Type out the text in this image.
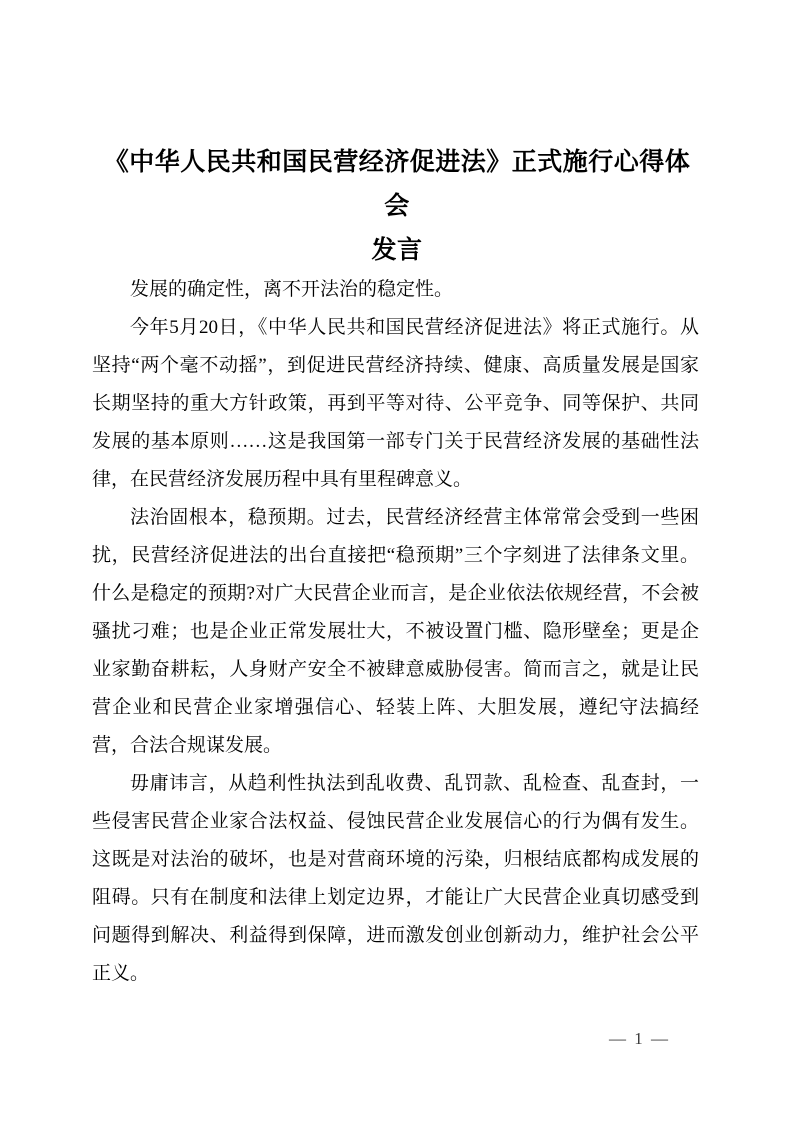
《中华人民共和国民营经济促进法》正式施行心得体会
发言
发展的确定性，离不开法治的稳定性。
今年5月20日，《中华人民共和国民营经济促进法》将正式施行。从
坚持“两个毫不动摇”，到促进民营经济持续、健康、高质量发展是国家
长期坚持的重大方针政策，再到平等对待、公平竞争、同等保护、共同
发展的基本原则……这是我国第一部专门关于民营经济发展的基础性法
律，在民营经济发展历程中具有里程碑意义。
法治固根本，稳预期。过去，民营经济经营主体常常会受到一些困
扰，民营经济促进法的出台直接把“稳预期”三个字刻进了法律条文里。
什么是稳定的预期?对广大民营企业而言，是企业依法依规经营，不会被
骚扰刁难；也是企业正常发展壮大，不被设置门槛、隐形壁垒；更是企
业家勤奋耕耘，人身财产安全不被肆意威胁侵害。简而言之，就是让民
营企业和民营企业家增强信心、轻装上阵、大胆发展，遵纪守法搞经
营，合法合规谋发展。
毋庸讳言，从趋利性执法到乱收费、乱罚款、乱检查、乱查封，一
些侵害民营企业家合法权益、侵蚀民营企业发展信心的行为偶有发生。
这既是对法治的破坏，也是对营商环境的污染，归根结底都构成发展的
阻碍。只有在制度和法律上划定边界，才能让广大民营企业真切感受到
问题得到解决、利益得到保障，进而激发创业创新动力，维护社会公平
正义。
— 1 —
